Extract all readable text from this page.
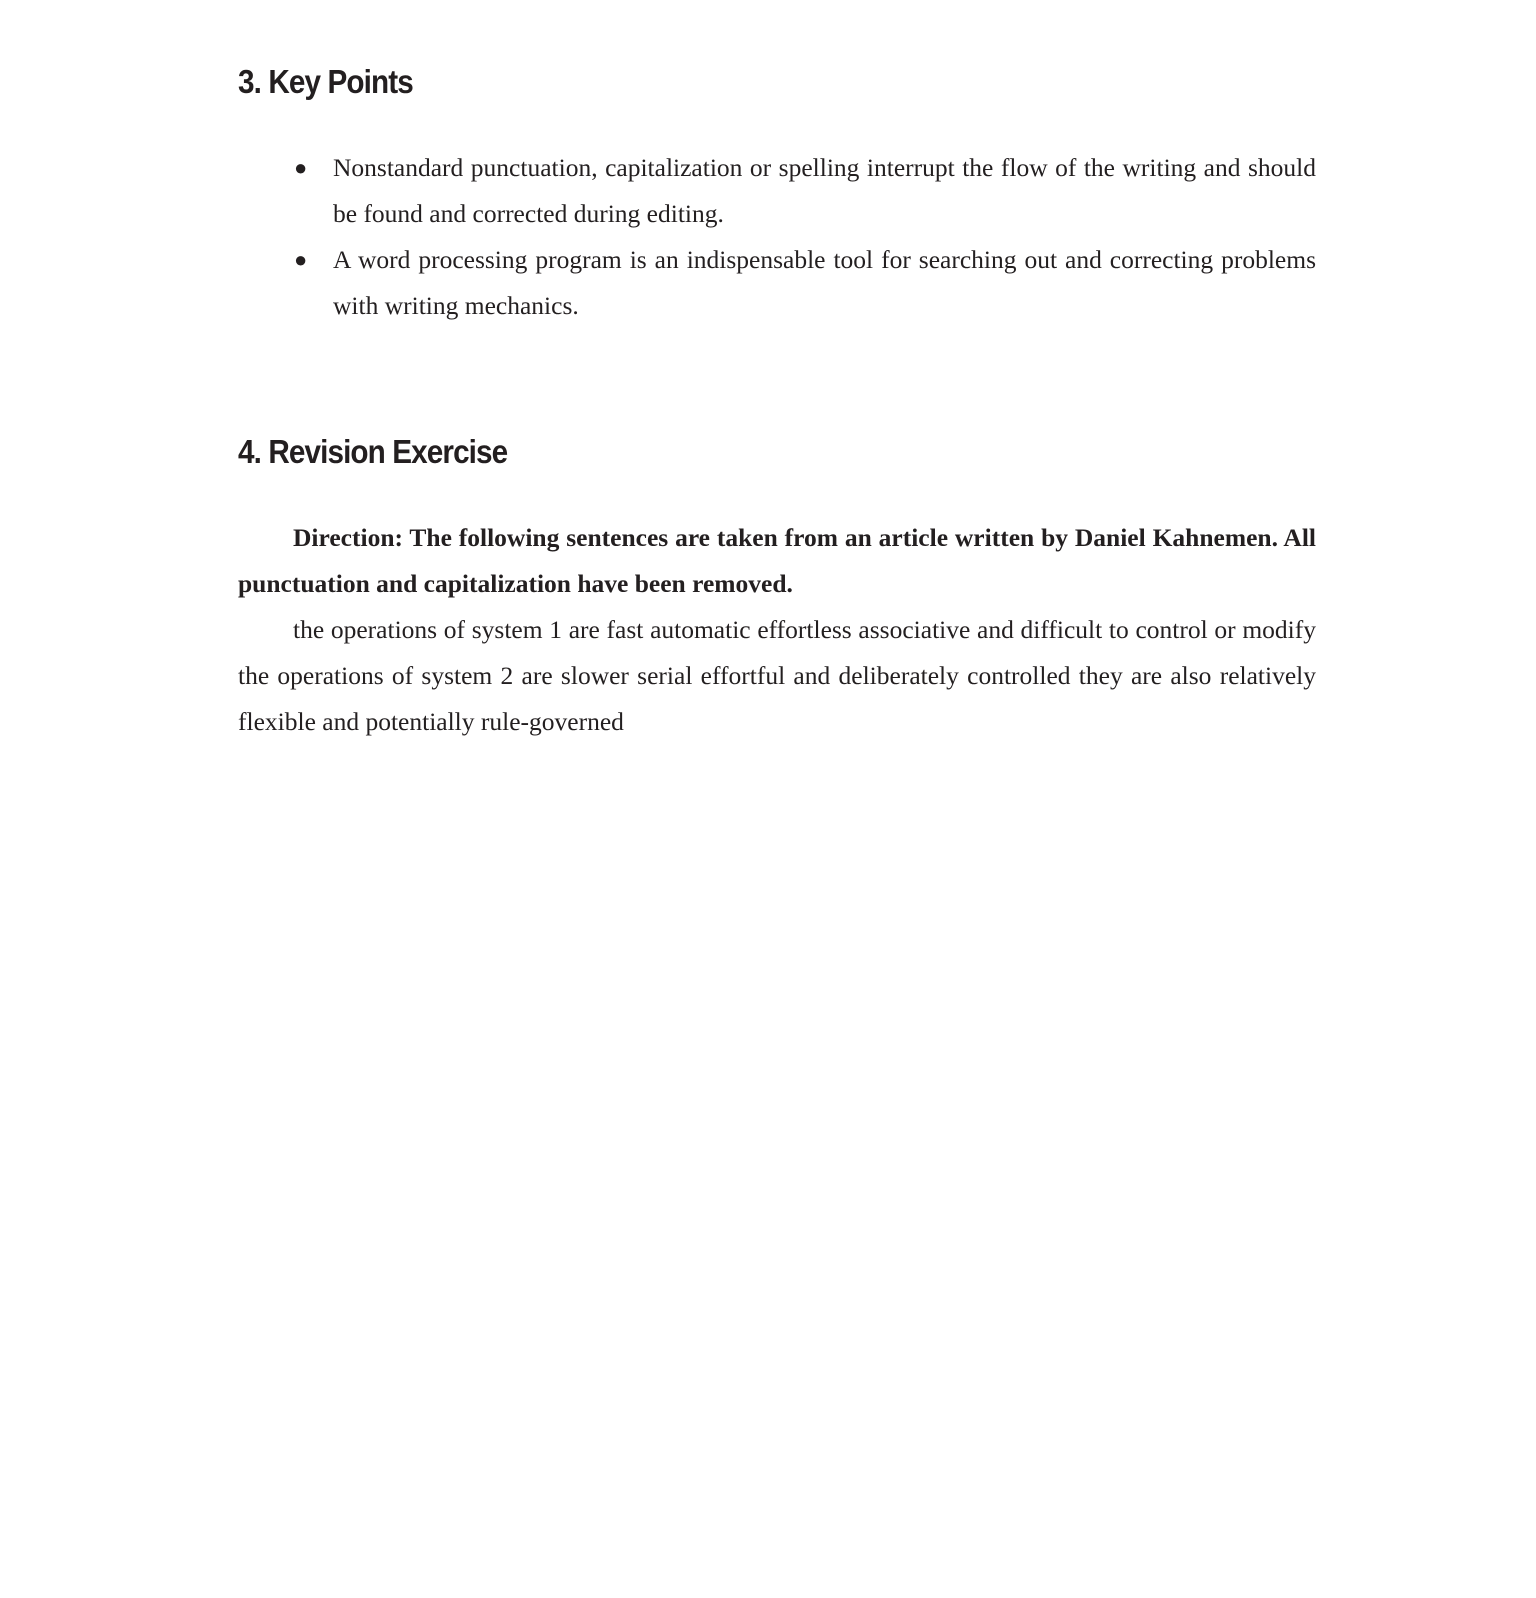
3. Key Points
● Nonstandard punctuation, capitalization or spelling interrupt the flow of the writing and should be found and corrected during editing.
● A word processing program is an indispensable tool for searching out and correcting problems with writing mechanics.
4. Revision Exercise

Direction: The following sentences are taken from an article written by Daniel Kahnemen. All punctuation and capitalization have been removed.

the operations of system 1 are fast automatic effortless associative and difficult to control or modify the operations of system 2 are slower serial effortful and deliberately controlled they are also relatively flexible and potentially rule-governed
